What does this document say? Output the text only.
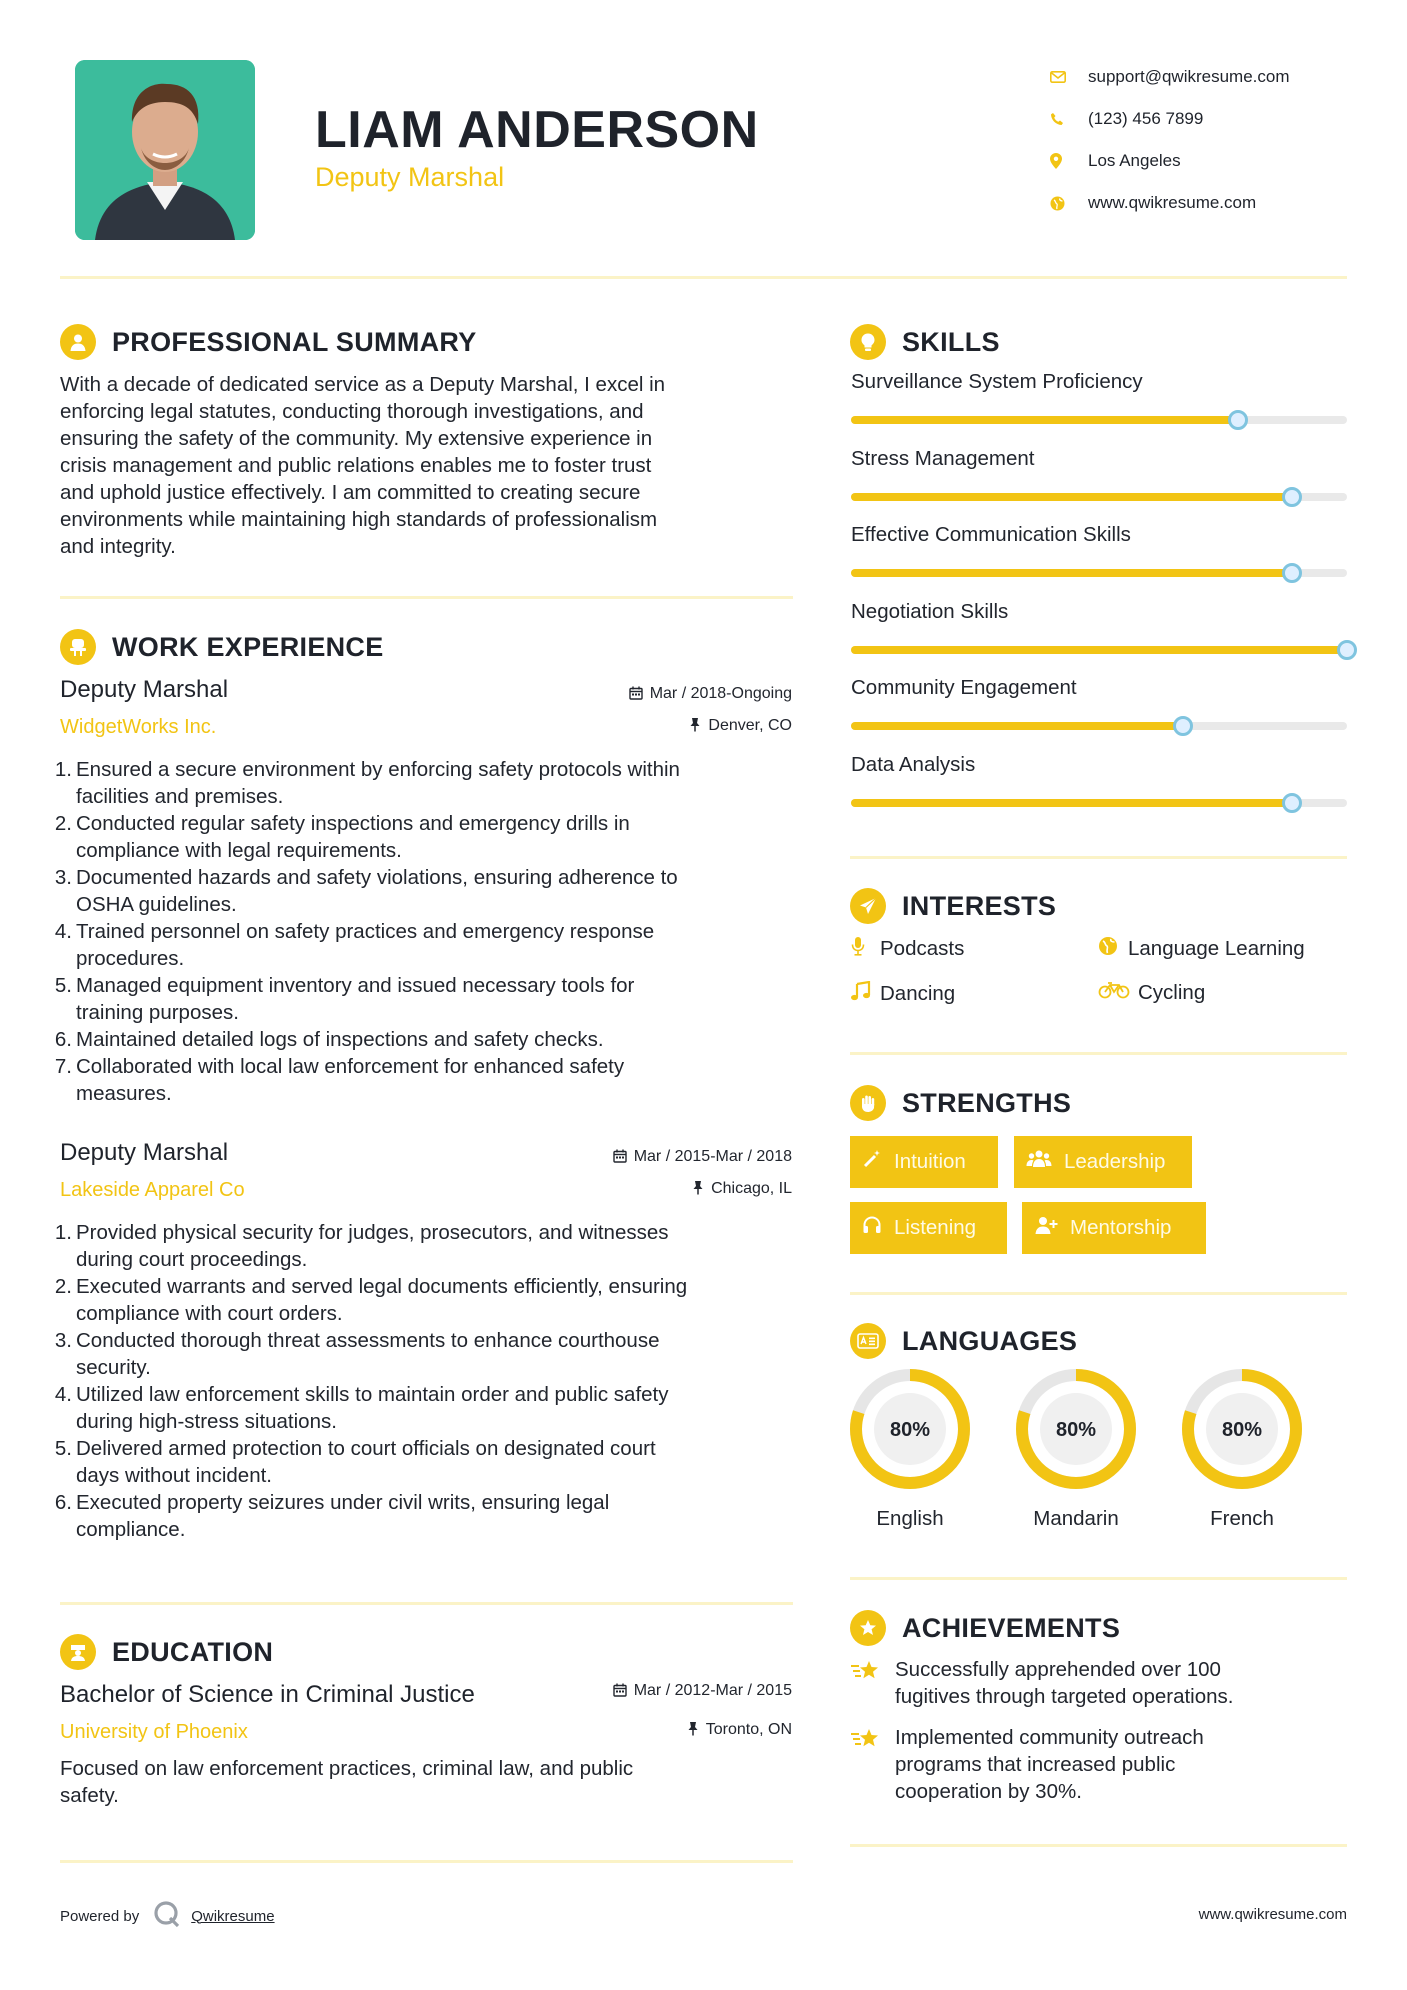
LIAM ANDERSON
Deputy Marshal
support@qwikresume.com
(123) 456 7899
Los Angeles
www.qwikresume.com
PROFESSIONAL SUMMARY
With a decade of dedicated service as a Deputy Marshal, I excel in
enforcing legal statutes, conducting thorough investigations, and
ensuring the safety of the community. My extensive experience in
crisis management and public relations enables me to foster trust
and uphold justice effectively. I am committed to creating secure
environments while maintaining high standards of professionalism
and integrity.
WORK EXPERIENCE
Deputy Marshal
WidgetWorks Inc.
Mar / 2018-Ongoing
Denver, CO
1. Ensured a secure environment by enforcing safety protocols within
facilities and premises.
2. Conducted regular safety inspections and emergency drills in
compliance with legal requirements.
3. Documented hazards and safety violations, ensuring adherence to
OSHA guidelines.
4. Trained personnel on safety practices and emergency response
procedures.
5. Managed equipment inventory and issued necessary tools for
training purposes.
6. Maintained detailed logs of inspections and safety checks.
7. Collaborated with local law enforcement for enhanced safety
measures.
Deputy Marshal
Lakeside Apparel Co
Mar / 2015-Mar / 2018
Chicago, IL
1. Provided physical security for judges, prosecutors, and witnesses
during court proceedings.
2. Executed warrants and served legal documents efficiently, ensuring
compliance with court orders.
3. Conducted thorough threat assessments to enhance courthouse
security.
4. Utilized law enforcement skills to maintain order and public safety
during high-stress situations.
5. Delivered armed protection to court officials on designated court
days without incident.
6. Executed property seizures under civil writs, ensuring legal
compliance.
EDUCATION
Bachelor of Science in Criminal Justice
University of Phoenix
Mar / 2012-Mar / 2015
Toronto, ON
Focused on law enforcement practices, criminal law, and public
safety.
SKILLS
Surveillance System Proficiency
Stress Management
Effective Communication Skills
Negotiation Skills
Community Engagement
Data Analysis
INTERESTS
Podcasts	Language Learning
Dancing	Cycling
STRENGTHS
Intuition	Leadership
Listening	Mentorship
LANGUAGES
80%
English
80%
Mandarin
80%
French
ACHIEVEMENTS
Successfully apprehended over 100
fugitives through targeted operations.
Implemented community outreach
programs that increased public
cooperation by 30%.
Powered by	Qwikresume	www.qwikresume.com
